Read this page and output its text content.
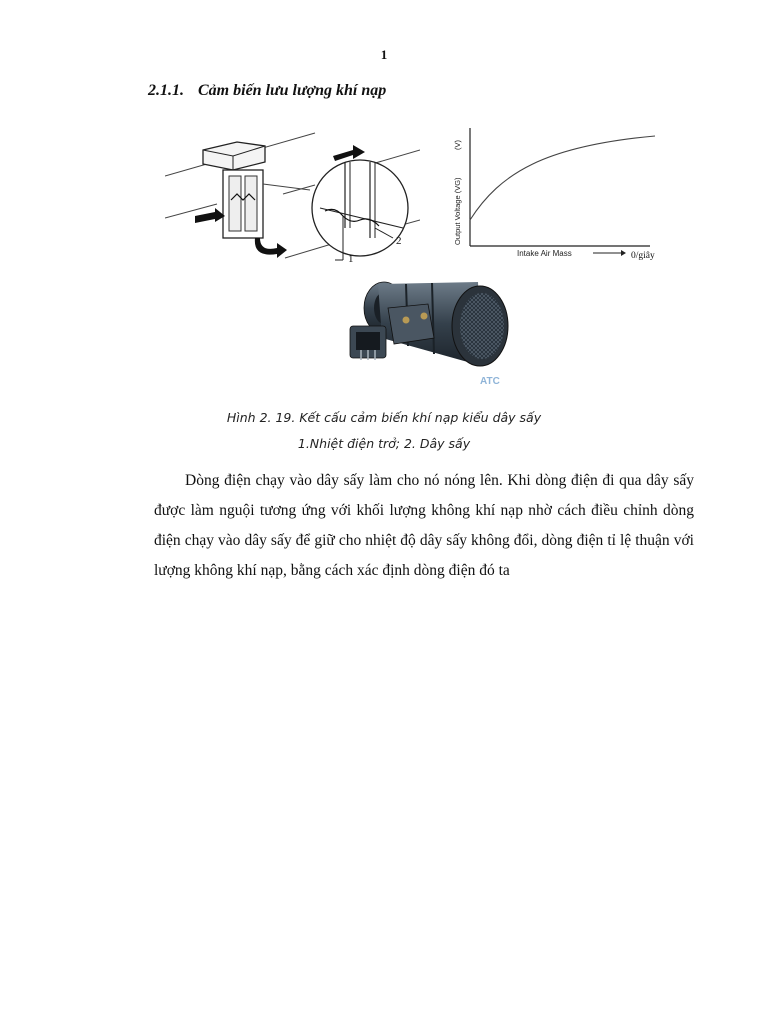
1
2.1.1. Cảm biến lưu lượng khí nạp
1
2	Output Voltage (VG)
(V)
Intake Air Mass	0/giây
ATC
Hình 2. 19. Kết cấu cảm biến khí nạp kiểu dây sấy
1.Nhiệt điện trở; 2. Dây sấy

Dòng điện chạy vào dây sấy làm cho nó nóng lên. Khi dòng điện đi qua dây sấy được làm nguội tương ứng với khối lượng không khí nạp nhờ cách điều chỉnh dòng điện chạy vào dây sấy để giữ cho nhiệt độ dây sấy không đổi, dòng điện tỉ lệ thuận với lượng không khí nạp, bằng cách xác định dòng điện đó ta
